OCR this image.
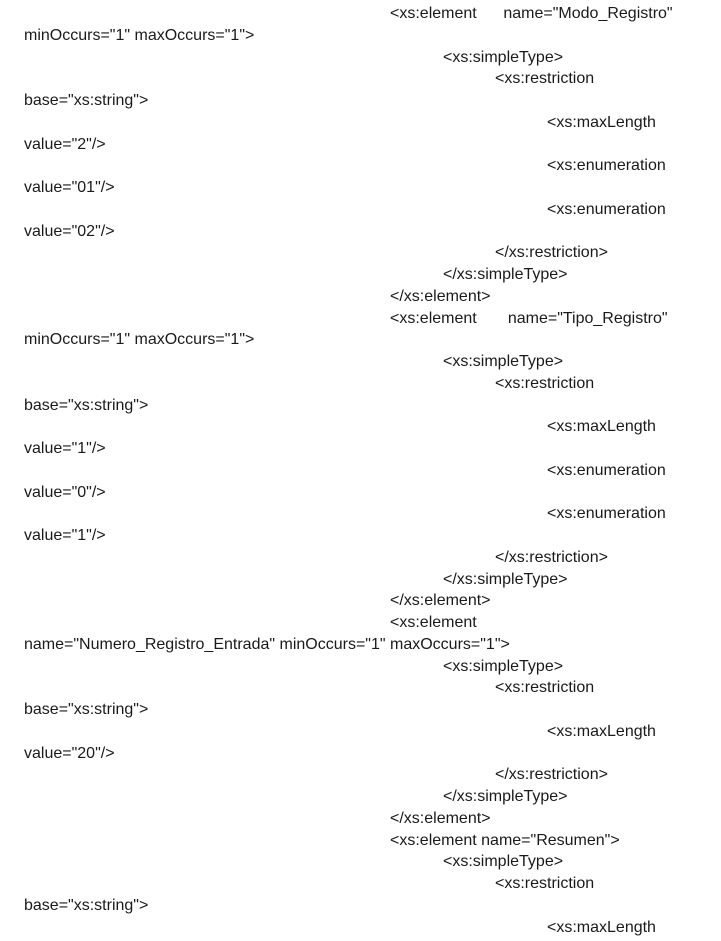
<xs:element      name="Modo_Registro"
minOccurs="1" maxOccurs="1">
<xs:simpleType>
<xs:restriction
base="xs:string">
<xs:maxLength
value="2"/>
<xs:enumeration
value="01"/>
<xs:enumeration
value="02"/>
</xs:restriction>
</xs:simpleType>
</xs:element>
<xs:element       name="Tipo_Registro"
minOccurs="1" maxOccurs="1">
<xs:simpleType>
<xs:restriction
base="xs:string">
<xs:maxLength
value="1"/>
<xs:enumeration
value="0"/>
<xs:enumeration
value="1"/>
</xs:restriction>
</xs:simpleType>
</xs:element>
<xs:element
name="Numero_Registro_Entrada" minOccurs="1" maxOccurs="1">
<xs:simpleType>
<xs:restriction
base="xs:string">
<xs:maxLength
value="20"/>
</xs:restriction>
</xs:simpleType>
</xs:element>
<xs:element name="Resumen">
<xs:simpleType>
<xs:restriction
base="xs:string">
<xs:maxLength
